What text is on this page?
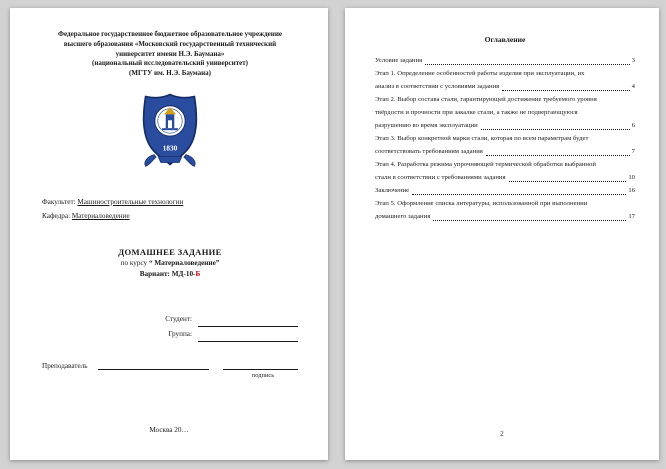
Федеральное государственное бюджетное образовательное учреждение
высшего образования «Московский государственный технический
университет имени Н.Э. Баумана»
(национальный исследовательский университет)
(МГТУ им. Н.Э. Баумана)
1830
Факультет: Машиностроительные технологии
Кафедра: Материаловедение
ДОМАШНЕЕ ЗАДАНИЕ
по курсу “ Материаловедение”
Вариант: МД-10-Б
Студент:
Группа:
Преподаватель
подпись
Москва 20…
Оглавление
Условие задания	3
Этап 1. Определение особенностей работы изделия при эксплуатации, их
анализ в соответствии с условиями задания	4
Этап 2. Выбор состава стали, гарантирующей достижение требуемого уровня
твёрдости и прочности при закалке стали, а также не подвергающуюся
разрушению во время эксплуатации	6
Этап 3. Выбор конкретной марки стали, которая по всем параметрам будет
соответствовать требованиям задания	7
Этап 4. Разработка режима упрочняющей термической обработки выбранной
стали в соответствии с требованиями задания	10
Заключение	16
Этап 5. Оформление списка литературы, использованной при выполнении
домашнего задания	17
2
